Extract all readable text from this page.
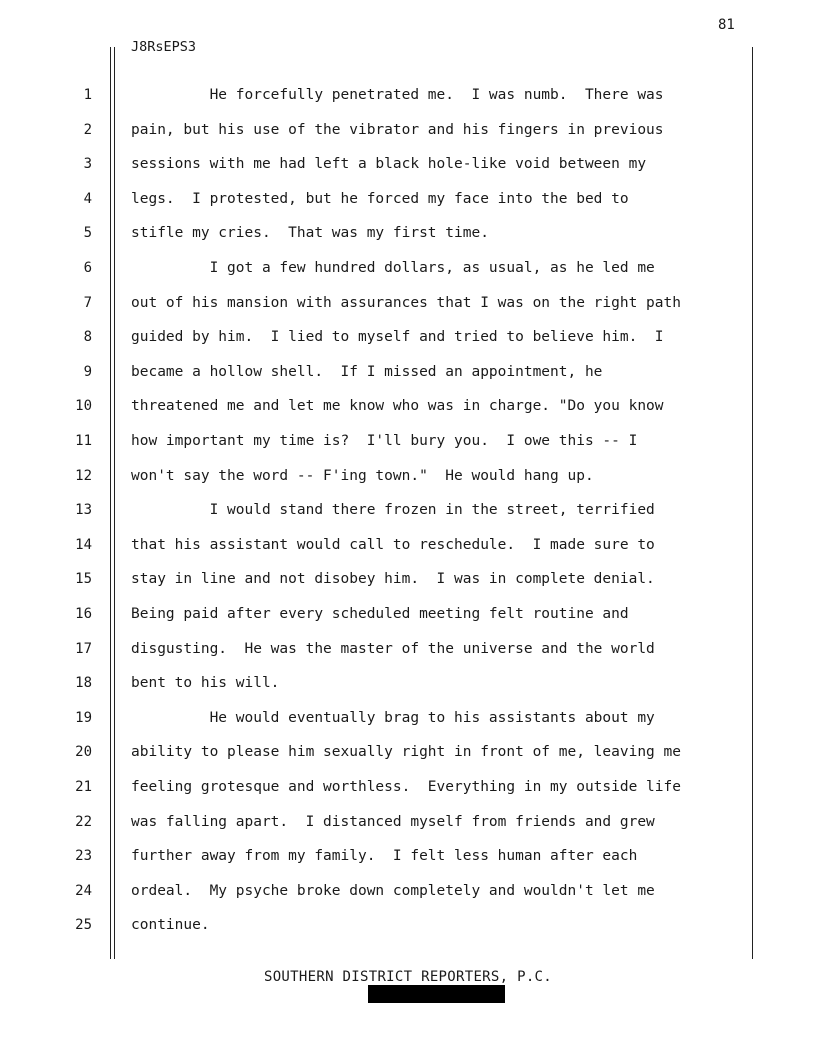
81
J8RsEPS3
1	He forcefully penetrated me.  I was numb.  There was
2	pain, but his use of the vibrator and his fingers in previous
3	sessions with me had left a black hole-like void between my
4	legs.  I protested, but he forced my face into the bed to
5	stifle my cries.  That was my first time.
6	I got a few hundred dollars, as usual, as he led me
7	out of his mansion with assurances that I was on the right path
8	guided by him.  I lied to myself and tried to believe him.  I
9	became a hollow shell.  If I missed an appointment, he
10	threatened me and let me know who was in charge. "Do you know
11	how important my time is?  I'll bury you.  I owe this -- I
12	won't say the word -- F'ing town."  He would hang up.
13	I would stand there frozen in the street, terrified
14	that his assistant would call to reschedule.  I made sure to
15	stay in line and not disobey him.  I was in complete denial.
16	Being paid after every scheduled meeting felt routine and
17	disgusting.  He was the master of the universe and the world
18	bent to his will.
19	He would eventually brag to his assistants about my
20	ability to please him sexually right in front of me, leaving me
21	feeling grotesque and worthless.  Everything in my outside life
22	was falling apart.  I distanced myself from friends and grew
23	further away from my family.  I felt less human after each
24	ordeal.  My psyche broke down completely and wouldn't let me
25	continue.
SOUTHERN DISTRICT REPORTERS, P.C.
